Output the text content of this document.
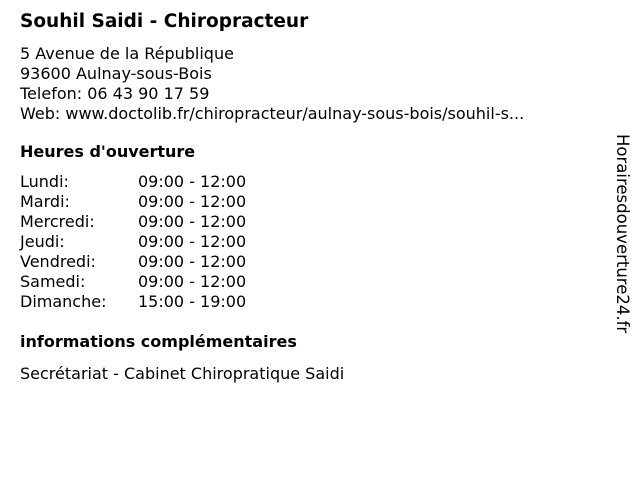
Souhil Saidi - Chiropracteur
5 Avenue de la République
93600 Aulnay-sous-Bois
Telefon: 06 43 90 17 59
Web: www.doctolib.fr/chiropracteur/aulnay-sous-bois/souhil-s...
Heures d'ouverture
Lundi:	09:00 - 12:00
Mardi:	09:00 - 12:00
Mercredi:	09:00 - 12:00
Jeudi:	09:00 - 12:00
Vendredi:	09:00 - 12:00
Samedi:	09:00 - 12:00
Dimanche:	15:00 - 19:00
informations complémentaires
Secrétariat - Cabinet Chiropratique Saidi
Horairesdouverture24.fr
